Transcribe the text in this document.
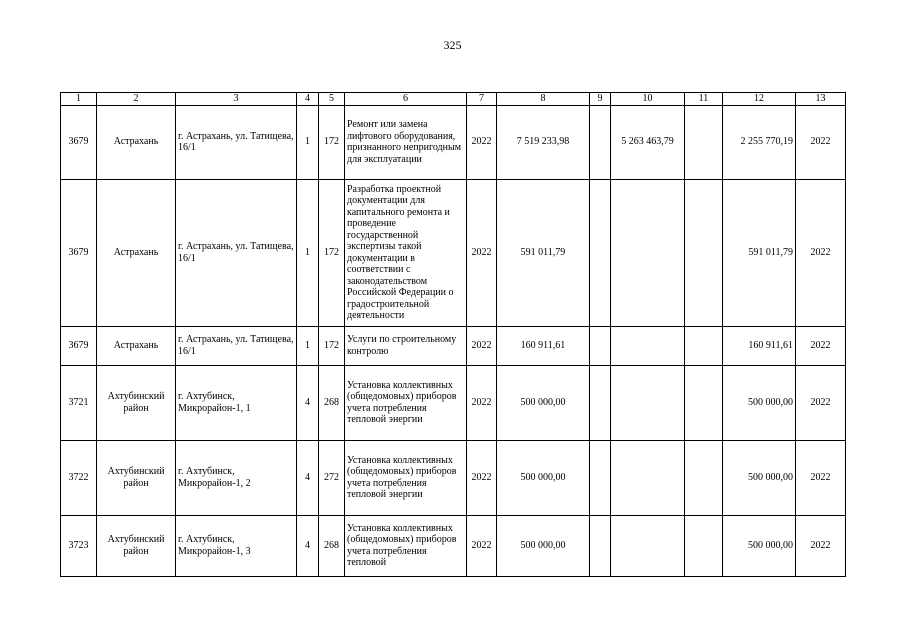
325
1	2	3	4	5	6	7	8	9	10	11	12	13
3679	Астрахань	г. Астрахань, ул. Татищева, 16/1	1	172	Ремонт или замена лифтового оборудования, признанного непригодным для эксплуатации	2022	7 519 233,98		5 263 463,79		2 255 770,19	2022
3679	Астрахань	г. Астрахань, ул. Татищева, 16/1	1	172	Разработка проектной документации для капитального ремонта и проведение государственной экспертизы такой документации в соответствии с законодательством Российской Федерации о градостроительной деятельности	2022	591 011,79				591 011,79	2022
3679	Астрахань	г. Астрахань, ул. Татищева, 16/1	1	172	Услуги по строительному контролю	2022	160 911,61				160 911,61	2022
3721	Ахтубинский район	г. Ахтубинск, Микрорайон-1, 1	4	268	Установка коллективных (общедомовых) приборов учета потребления тепловой энергии	2022	500 000,00				500 000,00	2022
3722	Ахтубинский район	г. Ахтубинск, Микрорайон-1, 2	4	272	Установка коллективных (общедомовых) приборов учета потребления тепловой энергии	2022	500 000,00				500 000,00	2022
3723	Ахтубинский район	г. Ахтубинск, Микрорайон-1, 3	4	268	Установка коллективных (общедомовых) приборов учета потребления тепловой	2022	500 000,00				500 000,00	2022
